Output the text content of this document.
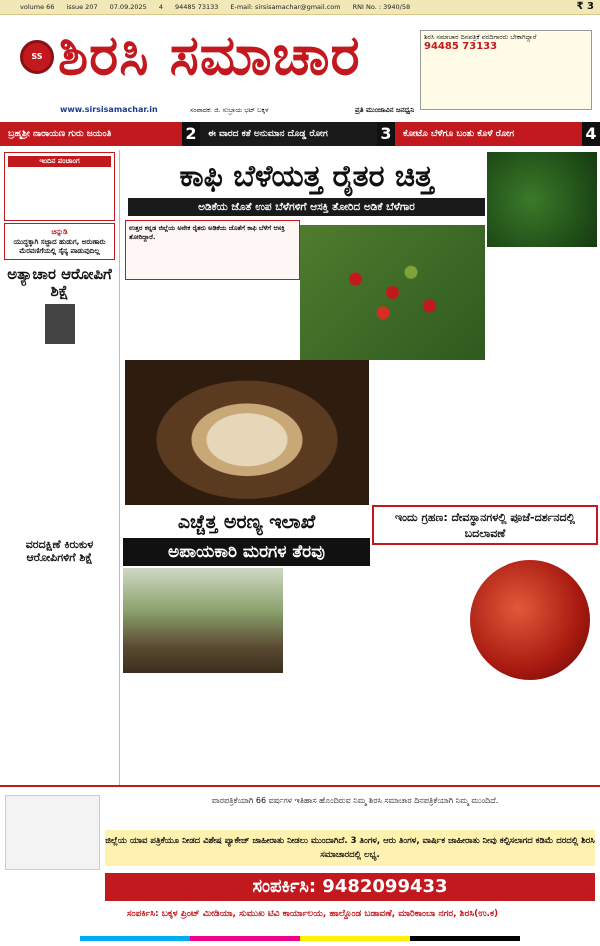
volume 66 issue 207 07.09.2025 4 94485 73133 E-mail: sirsisamachar@gmail.com RNI No. : 3940/58	₹ 3
SS ಶಿರಸಿ ಸಮಾಚಾರ
www.sirsisamachar.in	ಸಂಪಾದಕ: ಜಿ. ಸುಬ್ರಾಯ ಭಟ್ ಬಕ್ಕಳ	ಪ್ರತಿ ಮುಂಜಾವಿನ ಜನಧ್ವನಿ
ಶಿರಸಿ ಸಮಾಚಾರ ದಿನಪತ್ರಿಕೆ ವರದಿಗಾರರು ಬೇಕಾಗಿದ್ದಾರೆ
94485 73133
ಬ್ರಹ್ಮಶ್ರೀ ನಾರಾಯಣ ಗುರು ಜಯಂತಿ	2	ಈ ವಾರದ ಕತೆ ಅನುಮಾನ ದೊಡ್ಡ ರೋಗ	3	ಕೋಟೊ ಬೆಳೆಗೂ ಬಂತು ಕೊಳೆ ರೋಗ	4
ಇಂದಿನ ಪಂಚಾಂಗ
ಚಿನ್ನುಡಿ
ಯುದ್ಧಕ್ಕಾಗಿ ಸಜ್ಜಾದ ಹುಡುಗ, ಅರುಣಾರು ಮೆರವಣಿಗೆಯಲ್ಲಿ ಸೈನ್ಯ ಪಾಡುವುದಿಲ್ಲ
ಅತ್ಯಾಚಾರ ಆರೋಪಿಗೆ ಶಿಕ್ಷೆ
ವರದಕ್ಷಿಣೆ ಕಿರುಕುಳ ಆರೋಪಿಗಳಿಗೆ ಶಿಕ್ಷೆ
ಕಾಫಿ ಬೆಳೆಯತ್ತ ರೈತರ ಚಿತ್ತ
ಅಡಿಕೆಯ ಜೊತೆ ಉಪ ಬೆಳೆಗಳಿಗೆ ಆಸಕ್ತಿ ತೋರಿದ ಅಡಿಕೆ ಬೆಳೆಗಾರ
ಉತ್ತರ ಕನ್ನಡ ಜಿಲ್ಲೆಯ ಅನೇಕ ರೈತರು ಅಡಿಕೆಯ ಜೊತೆಗೆ ಕಾಫಿ ಬೆಳೆಗೆ ಆಸಕ್ತಿ ತೋರಿದ್ದಾರೆ.
ಎಚ್ಚೆತ್ತ ಅರಣ್ಯ ಇಲಾಖೆ
ಅಪಾಯಕಾರಿ ಮರಗಳ ತೆರವು
ಇಂದು ಗ್ರಹಣ: ದೇವಸ್ಥಾನಗಳಲ್ಲಿ ಪೂಜೆ-ದರ್ಶನದಲ್ಲಿ ಬದಲಾವಣೆ
ವಾರಪತ್ರಿಕೆಯಾಗಿ 66 ವರ್ಷಗಳ ಇತಿಹಾಸ ಹೊಂದಿರುವ ನಿಮ್ಮ ಶಿರಸಿ ಸಮಾಚಾರ ದಿನಪತ್ರಿಕೆಯಾಗಿ ನಿಮ್ಮ ಮುಂದಿದೆ.
ಜಿಲ್ಲೆಯ ಯಾವ ಪತ್ರಿಕೆಯೂ ನೀಡದ ವಿಶೇಷ ಪ್ಯಾಕೇಜ್ ಜಾಹೀರಾತು ನೀಡಲು ಮುಂದಾಗಿದೆ. 3 ತಿಂಗಳ, ಆರು ತಿಂಗಳ, ವಾರ್ಷಿಕ ಜಾಹೀರಾತು ನೀವು ಕಲ್ಪಿಸಲಾಗದ ಕಡಿಮೆ ದರದಲ್ಲಿ ಶಿರಸಿ ಸಮಾಚಾರದಲ್ಲಿ ಲಭ್ಯ.
ಸಂಪರ್ಕಿಸಿ: 9482099433
ಸಂಪರ್ಕಿಸಿ: ಬಕ್ಕಳ ಪ್ರಿಂಟ್ ಮೀಡಿಯಾ, ಸುಮುಖ ಟಿವಿ ಕಾರ್ಯಾಲಯ, ಹಾಲ್ದೊಂಡ ಬಡಾವಣೆ, ಮಾರಿಕಾಂಬಾ ನಗರ, ಶಿರಸಿ(ಉ.ಕ)
